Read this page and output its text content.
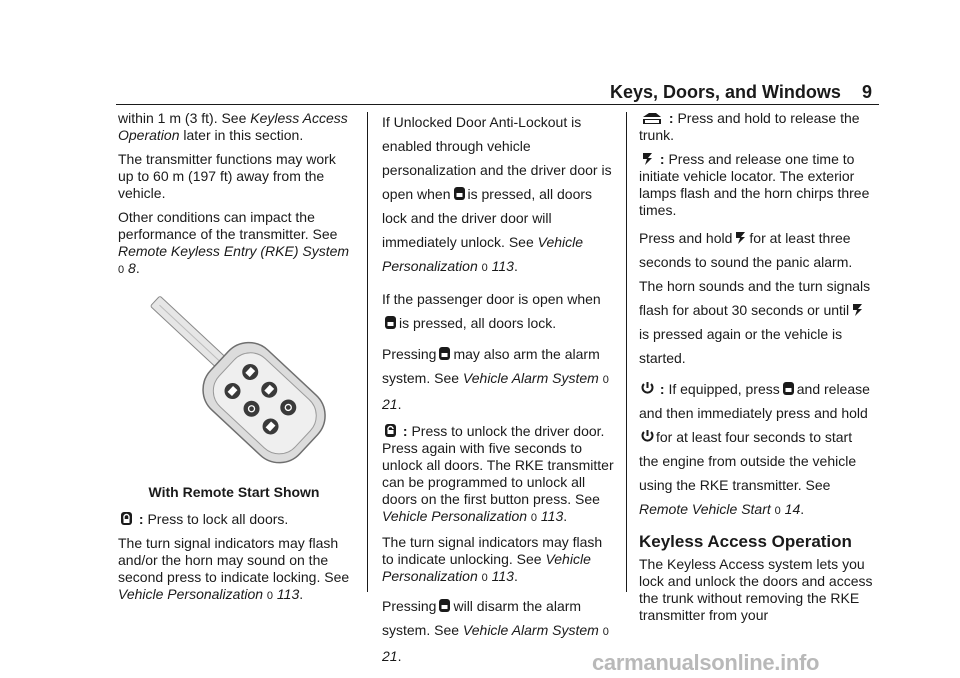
Keys, Doors, and Windows 9

within 1 m (3 ft). See Keyless Access Operation later in this section.

The transmitter functions may work up to 60 m (197 ft) away from the vehicle.

Other conditions can impact the performance of the transmitter. See Remote Keyless Entry (RKE) System 0 8.

With Remote Start Shown

: Press to lock all doors.

The turn signal indicators may flash and/or the horn may sound on the second press to indicate locking. See Vehicle Personalization 0 113.

If Unlocked Door Anti-Lockout is enabled through vehicle personalization and the driver door is open when is pressed, all doors lock and the driver door will immediately unlock. See Vehicle Personalization 0 113.

If the passenger door is open whenis pressed, all doors lock.

Pressing may also arm the alarm system. See Vehicle Alarm System 0 21.

: Press to unlock the driver door. Press again with five seconds to unlock all doors. The RKE transmitter can be programmed to unlock all doors on the first button press. See Vehicle Personalization 0 113.

The turn signal indicators may flash to indicate unlocking. See Vehicle Personalization 0 113.

Pressing will disarm the alarm system. See Vehicle Alarm System 0 21.

: Press and hold to release the trunk.

: Press and release one time to initiate vehicle locator. The exterior lamps flash and the horn chirps three times.

Press and hold for at least three seconds to sound the panic alarm. The horn sounds and the turn signals flash for about 30 seconds or untilis pressed again or the vehicle is started.

: If equipped, press and release and then immediately press and holdfor at least four seconds to start the engine from outside the vehicle using the RKE transmitter. See Remote Vehicle Start 0 14.

Keyless Access Operation

The Keyless Access system lets you lock and unlock the doors and access the trunk without removing the RKE transmitter from your

carmanualsonline.info
